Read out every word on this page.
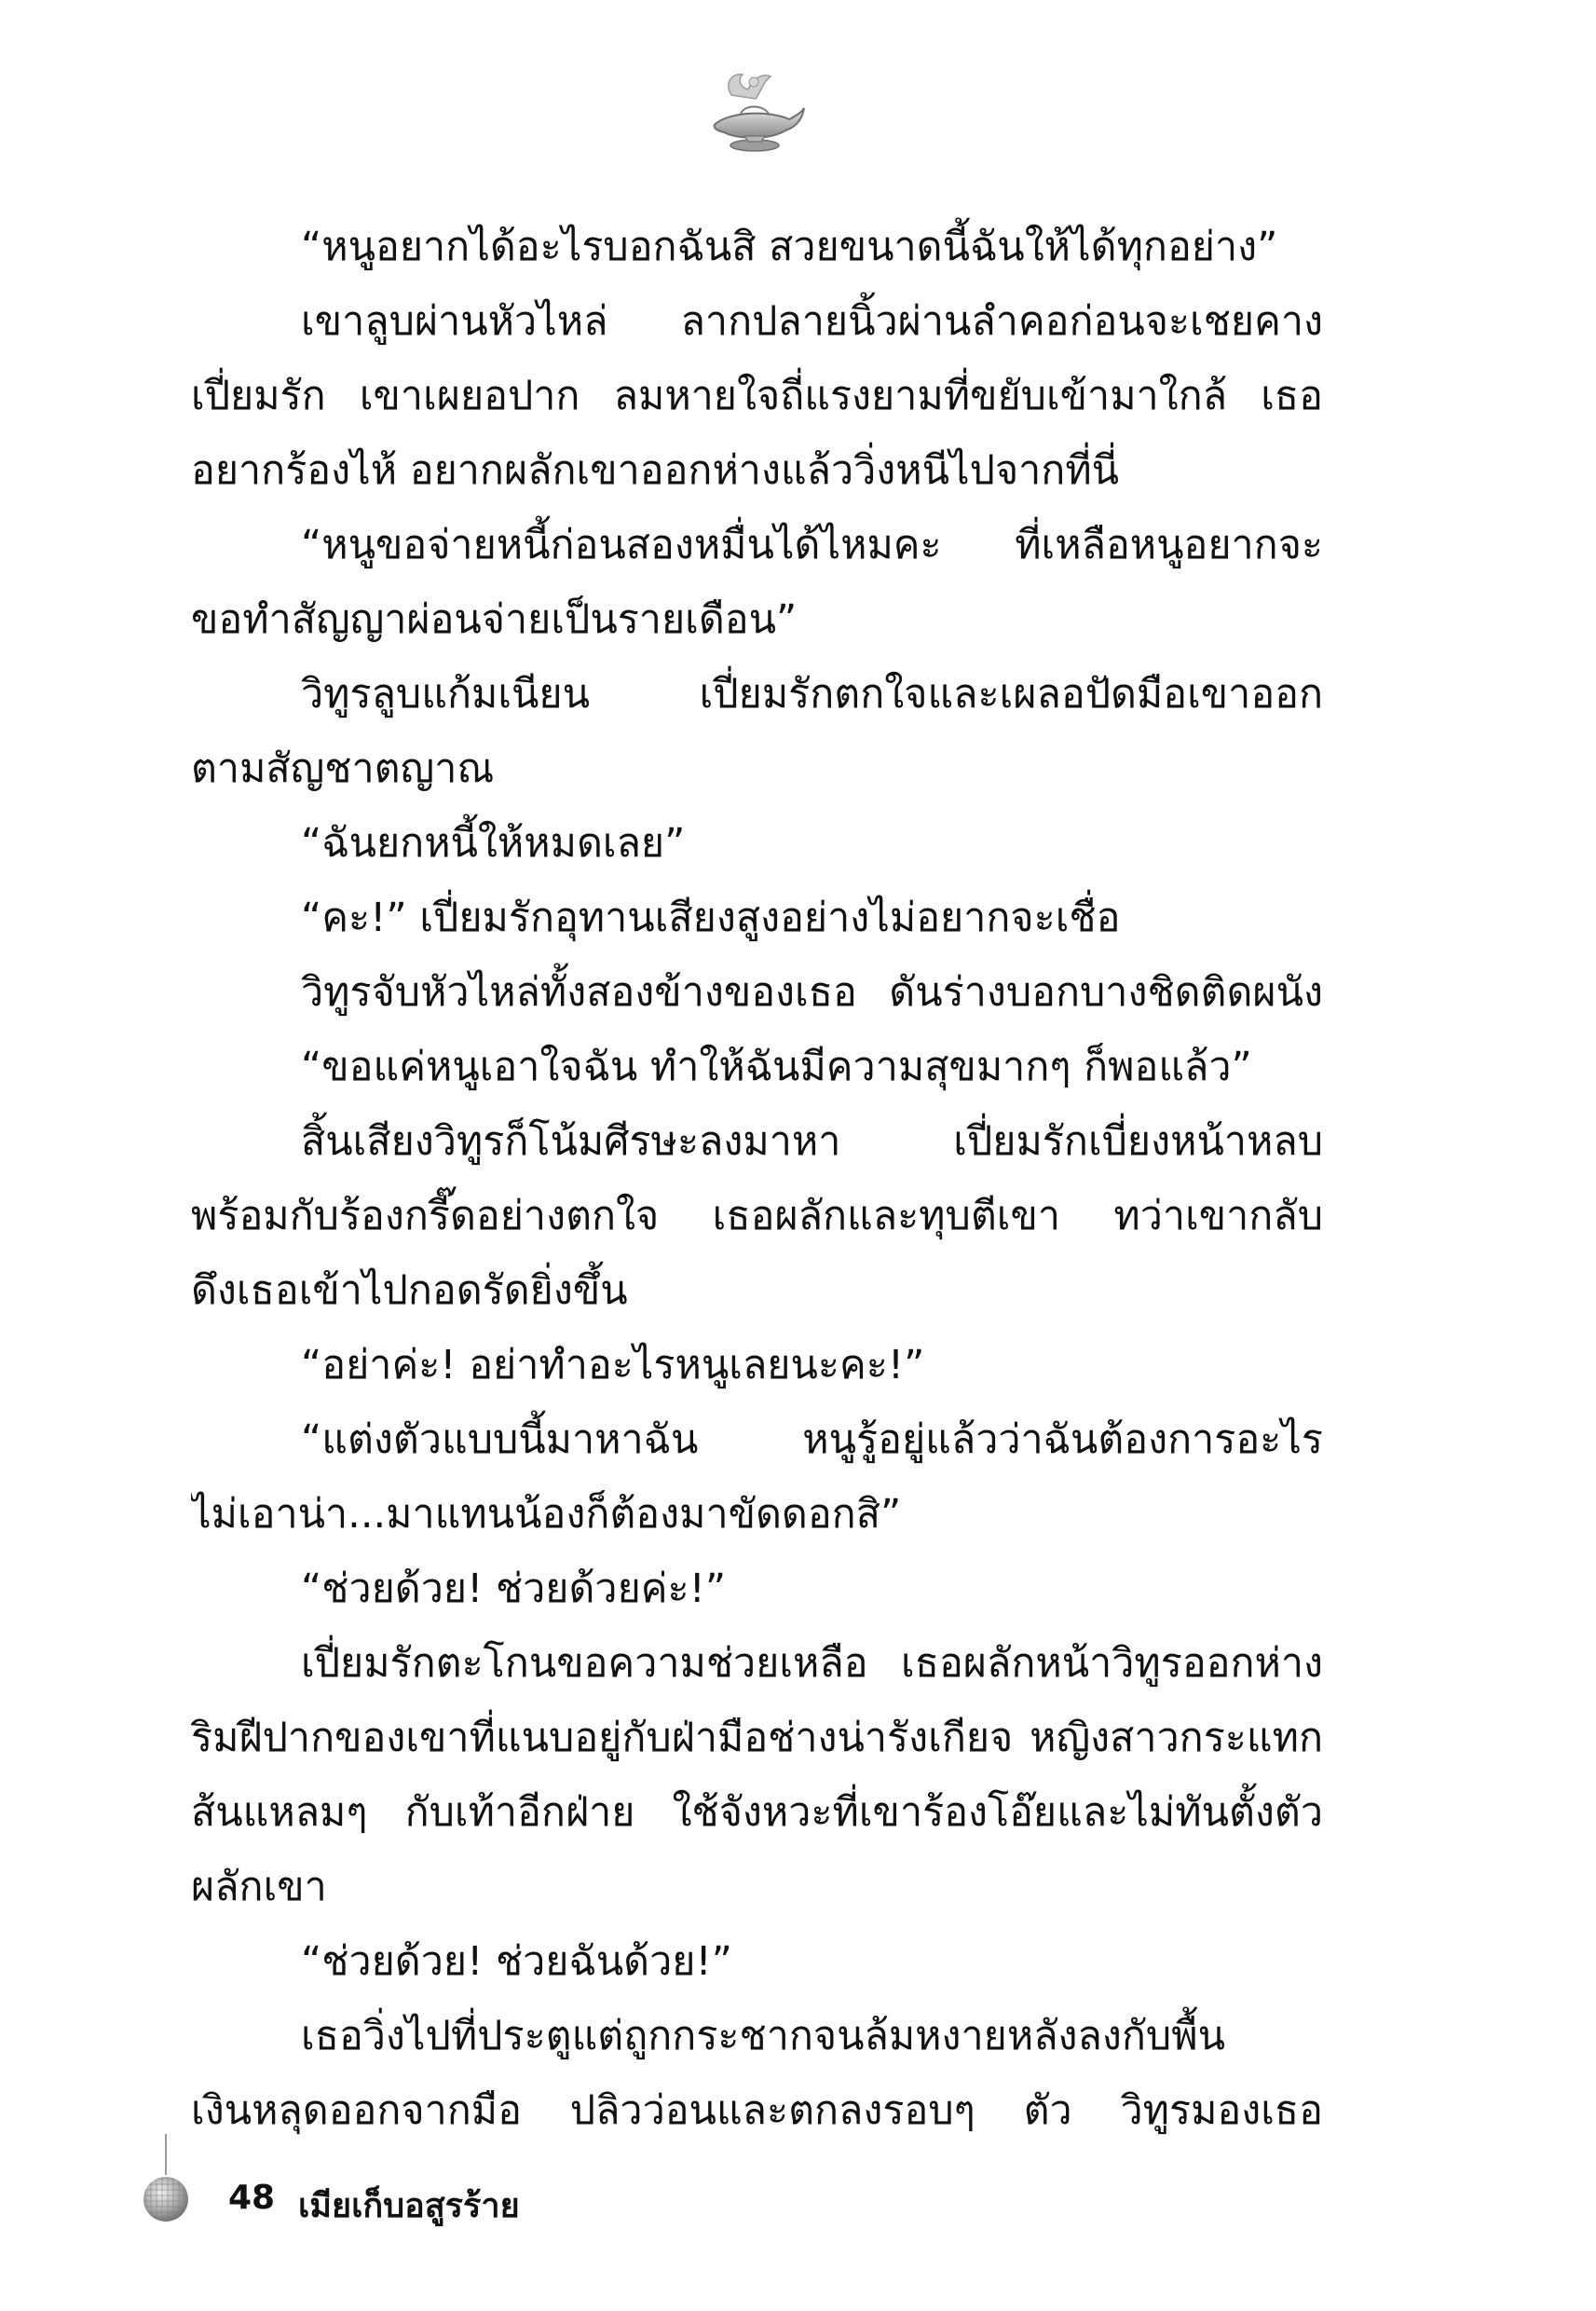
“หนูอยากได้อะไรบอกฉันสิ สวยขนาดนี้ฉันให้ได้ทุกอย่าง”
เขาลูบผ่านหัวไหล่ ลากปลายนิ้วผ่านลำคอก่อนจะเชยคาง
เปี่ยมรัก เขาเผยอปาก ลมหายใจถี่แรงยามที่ขยับเข้ามาใกล้ เธอ
อยากร้องไห้ อยากผลักเขาออกห่างแล้ววิ่งหนีไปจากที่นี่
“หนูขอจ่ายหนี้ก่อนสองหมื่นได้ไหมคะ ที่เหลือหนูอยากจะ
ขอทำสัญญาผ่อนจ่ายเป็นรายเดือน”
วิทูรลูบแก้มเนียน เปี่ยมรักตกใจและเผลอปัดมือเขาออก
ตามสัญชาตญาณ
“ฉันยกหนี้ให้หมดเลย”
“คะ!” เปี่ยมรักอุทานเสียงสูงอย่างไม่อยากจะเชื่อ
วิทูรจับหัวไหล่ทั้งสองข้างของเธอ ดันร่างบอกบางชิดติดผนัง
“ขอแค่หนูเอาใจฉัน ทำให้ฉันมีความสุขมากๆ ก็พอแล้ว”
สิ้นเสียงวิทูรก็โน้มศีรษะลงมาหา เปี่ยมรักเบี่ยงหน้าหลบ
พร้อมกับร้องกรี๊ดอย่างตกใจ เธอผลักและทุบตีเขา ทว่าเขากลับ
ดึงเธอเข้าไปกอดรัดยิ่งขึ้น
“อย่าค่ะ! อย่าทำอะไรหนูเลยนะคะ!”
“แต่งตัวแบบนี้มาหาฉัน หนูรู้อยู่แล้วว่าฉันต้องการอะไร
ไม่เอาน่า...มาแทนน้องก็ต้องมาขัดดอกสิ”
“ช่วยด้วย! ช่วยด้วยค่ะ!”
เปี่ยมรักตะโกนขอความช่วยเหลือ เธอผลักหน้าวิทูรออกห่าง
ริมฝีปากของเขาที่แนบอยู่กับฝ่ามือช่างน่ารังเกียจ หญิงสาวกระแทก
ส้นแหลมๆ กับเท้าอีกฝ่าย ใช้จังหวะที่เขาร้องโอ๊ยและไม่ทันตั้งตัว
ผลักเขา
“ช่วยด้วย! ช่วยฉันด้วย!”
เธอวิ่งไปที่ประตูแต่ถูกกระชากจนล้มหงายหลังลงกับพื้น
เงินหลุดออกจากมือ ปลิวว่อนและตกลงรอบๆ ตัว วิทูรมองเธอ
48 เมียเก็บอสูรร้าย
